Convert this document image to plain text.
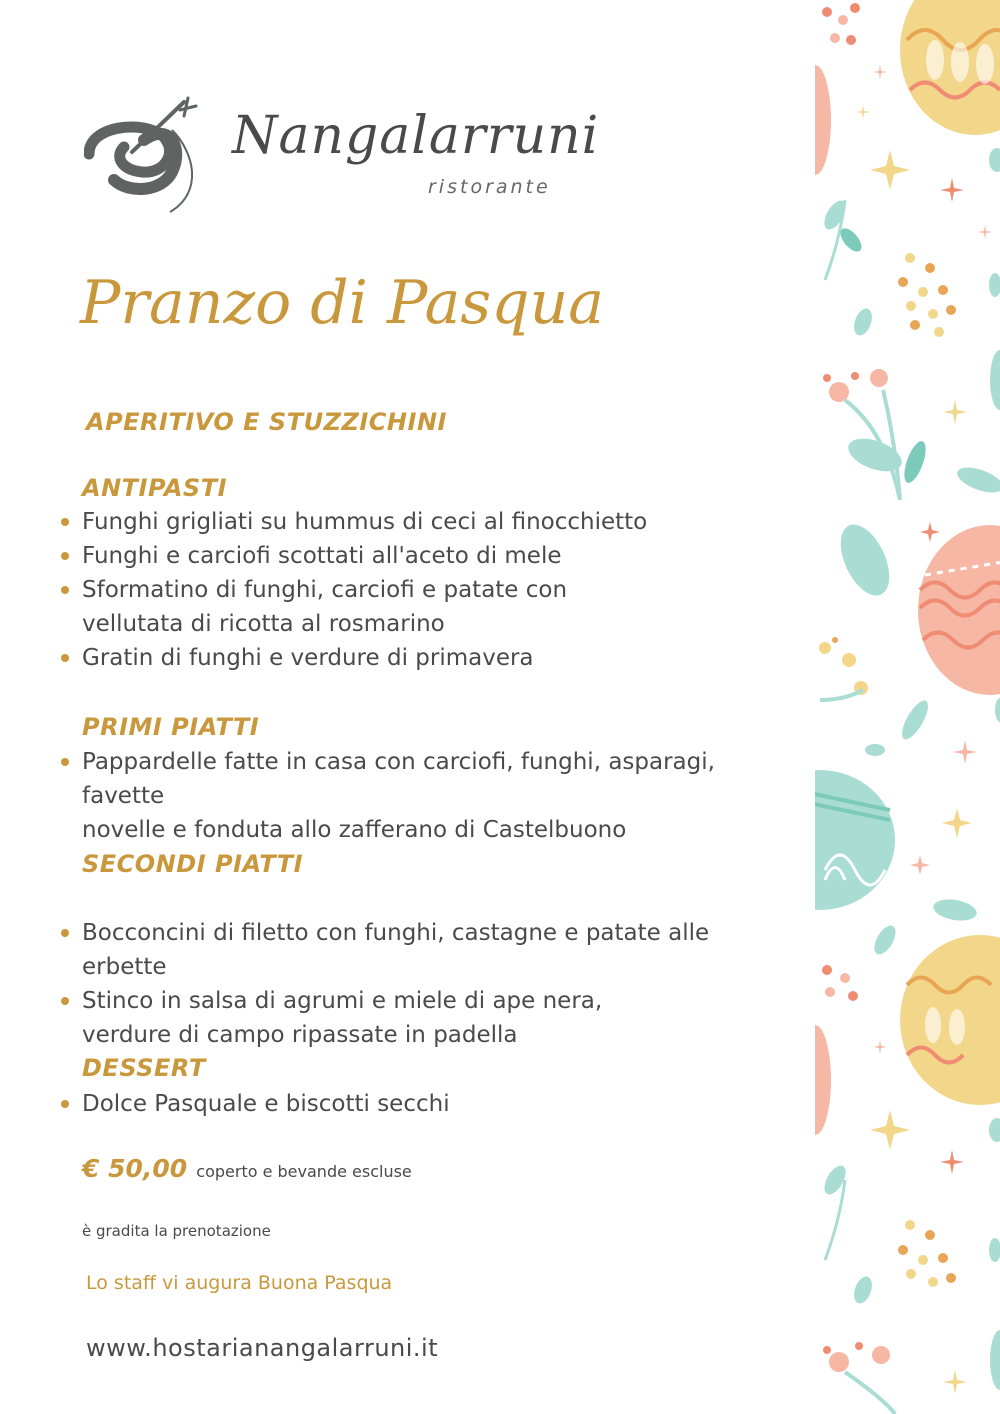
Nangalarruni
ristorante
Pranzo di Pasqua
APERITIVO E STUZZICHINI
ANTIPASTI
Funghi grigliati su hummus di ceci al finocchietto
Funghi e carciofi scottati all'aceto di mele
Sformatino di funghi, carciofi e patate con
vellutata di ricotta al rosmarino
Gratin di funghi e verdure di primavera
PRIMI PIATTI
Pappardelle fatte in casa con carciofi, funghi, asparagi, favette
novelle e fonduta allo zafferano di Castelbuono
SECONDI PIATTI
Bocconcini di filetto con funghi, castagne e patate alle erbette
Stinco in salsa di agrumi e miele di ape nera,
verdure di campo ripassate in padella
DESSERT
Dolce Pasquale e biscotti secchi
€ 50,00 coperto e bevande escluse
è gradita la prenotazione
Lo staff vi augura Buona Pasqua
www.hostarianangalarruni.it
